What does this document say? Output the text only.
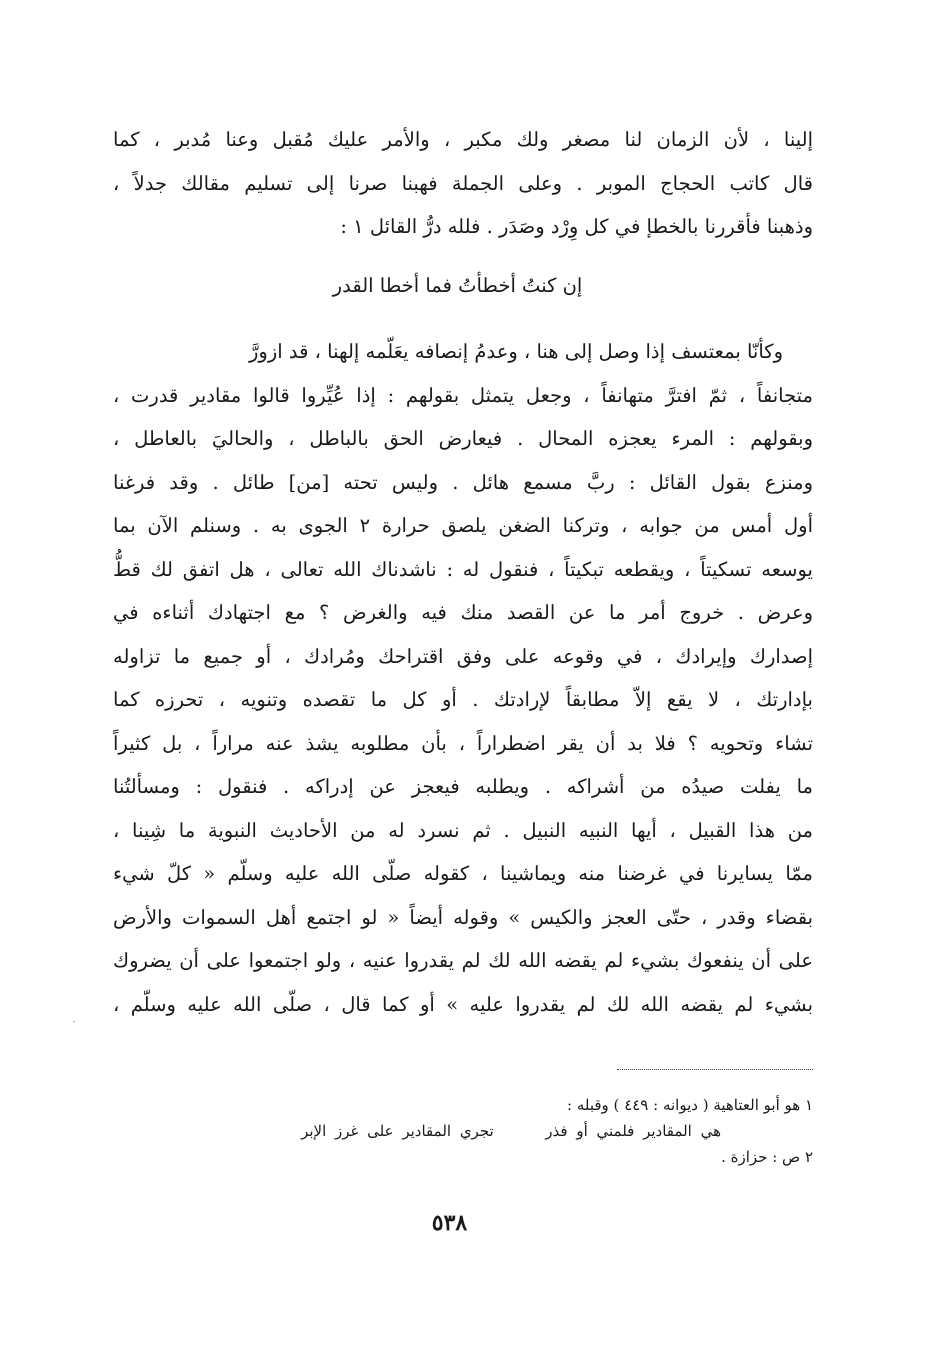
إلينا ، لأن الزمان لنا مصغر ولك مكبر ، والأمر عليك مُقبل وعنا مُدبر ، كما
قال كاتب الحجاج الموبر . وعلى الجملة فهبنا صرنا إلى تسليم مقالك جدلاً ،
وذهبنا فأقررنا بالخطإ في كل وِرْد وصَدَر . فلله درُّ القائل ١ :
إن كنتُ أخطأتُ فما أخطا القدر
وكأنّا بمعتسف إذا وصل إلى هنا ، وعدمُ إنصافه يعَلّمه إلهنا ، قد ازورَّ
متجانفاً ، ثمّ افترَّ متهانفاً ، وجعل يتمثل بقولهم : إذا عُيِّروا قالوا مقادير قدرت ،
وبقولهم : المرء يعجزه المحال . فيعارض الحق بالباطل ، والحاليَ بالعاطل ،
ومنزع بقول القائل : ربَّ مسمع هائل . وليس تحته [من] طائل . وقد فرغنا
أول أمس من جوابه ، وتركنا الضغن يلصق حرارة ٢ الجوى به . وسنلم الآن بما
يوسعه تسكيتاً ، ويقطعه تبكيتاً ، فنقول له : ناشدناك الله تعالى ، هل اتفق لك قطُّ
وعرض . خروج أمر ما عن القصد منك فيه والغرض ؟ مع اجتهادك أثناءه في
إصدارك وإيرادك ، في وقوعه على وفق اقتراحك ومُرادك ، أو جميع ما تزاوله
بإدارتك ، لا يقع إلاّ مطابقاً لإرادتك . أو كل ما تقصده وتنويه ، تحرزه كما
تشاء وتحويه ؟ فلا بد أن يقر اضطراراً ، بأن مطلوبه يشذ عنه مراراً ، بل كثيراً
ما يفلت صيدُه من أشراكه . ويطلبه فيعجز عن إدراكه . فنقول : ومسألتُنا
من هذا القبيل ، أيها النبيه النبيل . ثم نسرد له من الأحاديث النبوية ما شِينا ،
ممّا يسايرنا في غرضنا منه ويماشينا ، كقوله صلّى الله عليه وسلّم « كلّ شيء
بقضاء وقدر ، حتّى العجز والكيس » وقوله أيضاً « لو اجتمع أهل السموات والأرض
على أن ينفعوك بشيء لم يقضه الله لك لم يقدروا عنيه ، ولو اجتمعوا على أن يضروك
بشيء لم يقضه الله لك لم يقدروا عليه » أو كما قال ، صلّى الله عليه وسلّم ،
١ هو أبو العتاهية ( ديوانه : ٤٤٩ ) وقبله :
هي المقادير فلمني أو فذر  تجري المقادير على غرز الإبر
٢ ص : حزازة .
٥٣٨
ˎ
